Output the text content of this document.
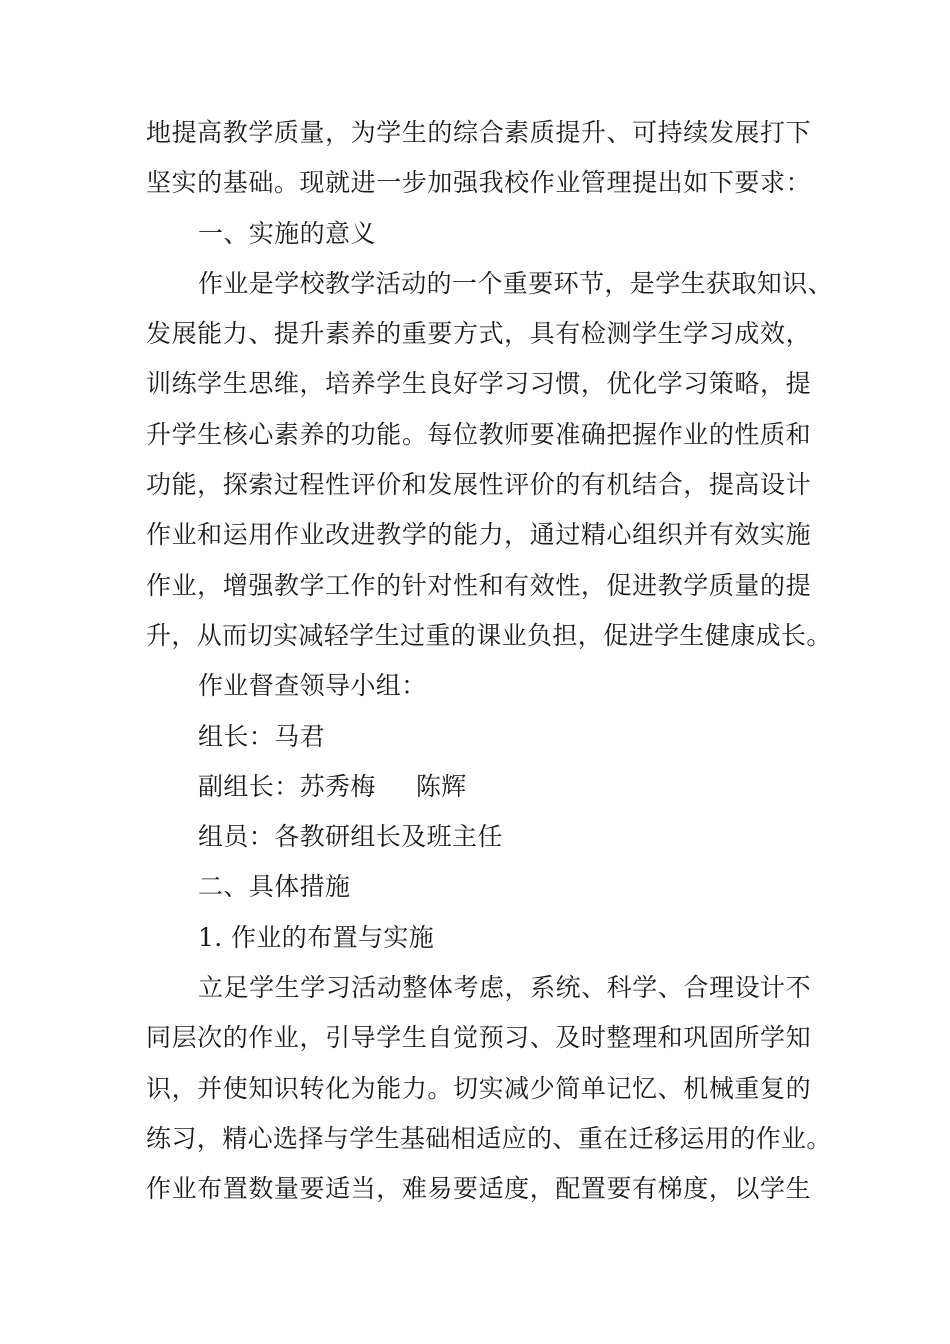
地提高教学质量，为学生的综合素质提升、可持续发展打下
坚实的基础。现就进一步加强我校作业管理提出如下要求：
一、实施的意义
作业是学校教学活动的一个重要环节，是学生获取知识、
发展能力、提升素养的重要方式，具有检测学生学习成效，
训练学生思维，培养学生良好学习习惯，优化学习策略，提
升学生核心素养的功能。每位教师要准确把握作业的性质和
功能，探索过程性评价和发展性评价的有机结合，提高设计
作业和运用作业改进教学的能力，通过精心组织并有效实施
作业，增强教学工作的针对性和有效性，促进教学质量的提
升，从而切实减轻学生过重的课业负担，促进学生健康成长。
作业督查领导小组：
组长：马君
副组长：苏秀梅 陈辉
组员：各教研组长及班主任
二、具体措施
1. 作业的布置与实施
立足学生学习活动整体考虑，系统、科学、合理设计不
同层次的作业，引导学生自觉预习、及时整理和巩固所学知
识，并使知识转化为能力。切实减少简单记忆、机械重复的
练习，精心选择与学生基础相适应的、重在迁移运用的作业。
作业布置数量要适当，难易要适度，配置要有梯度，以学生
